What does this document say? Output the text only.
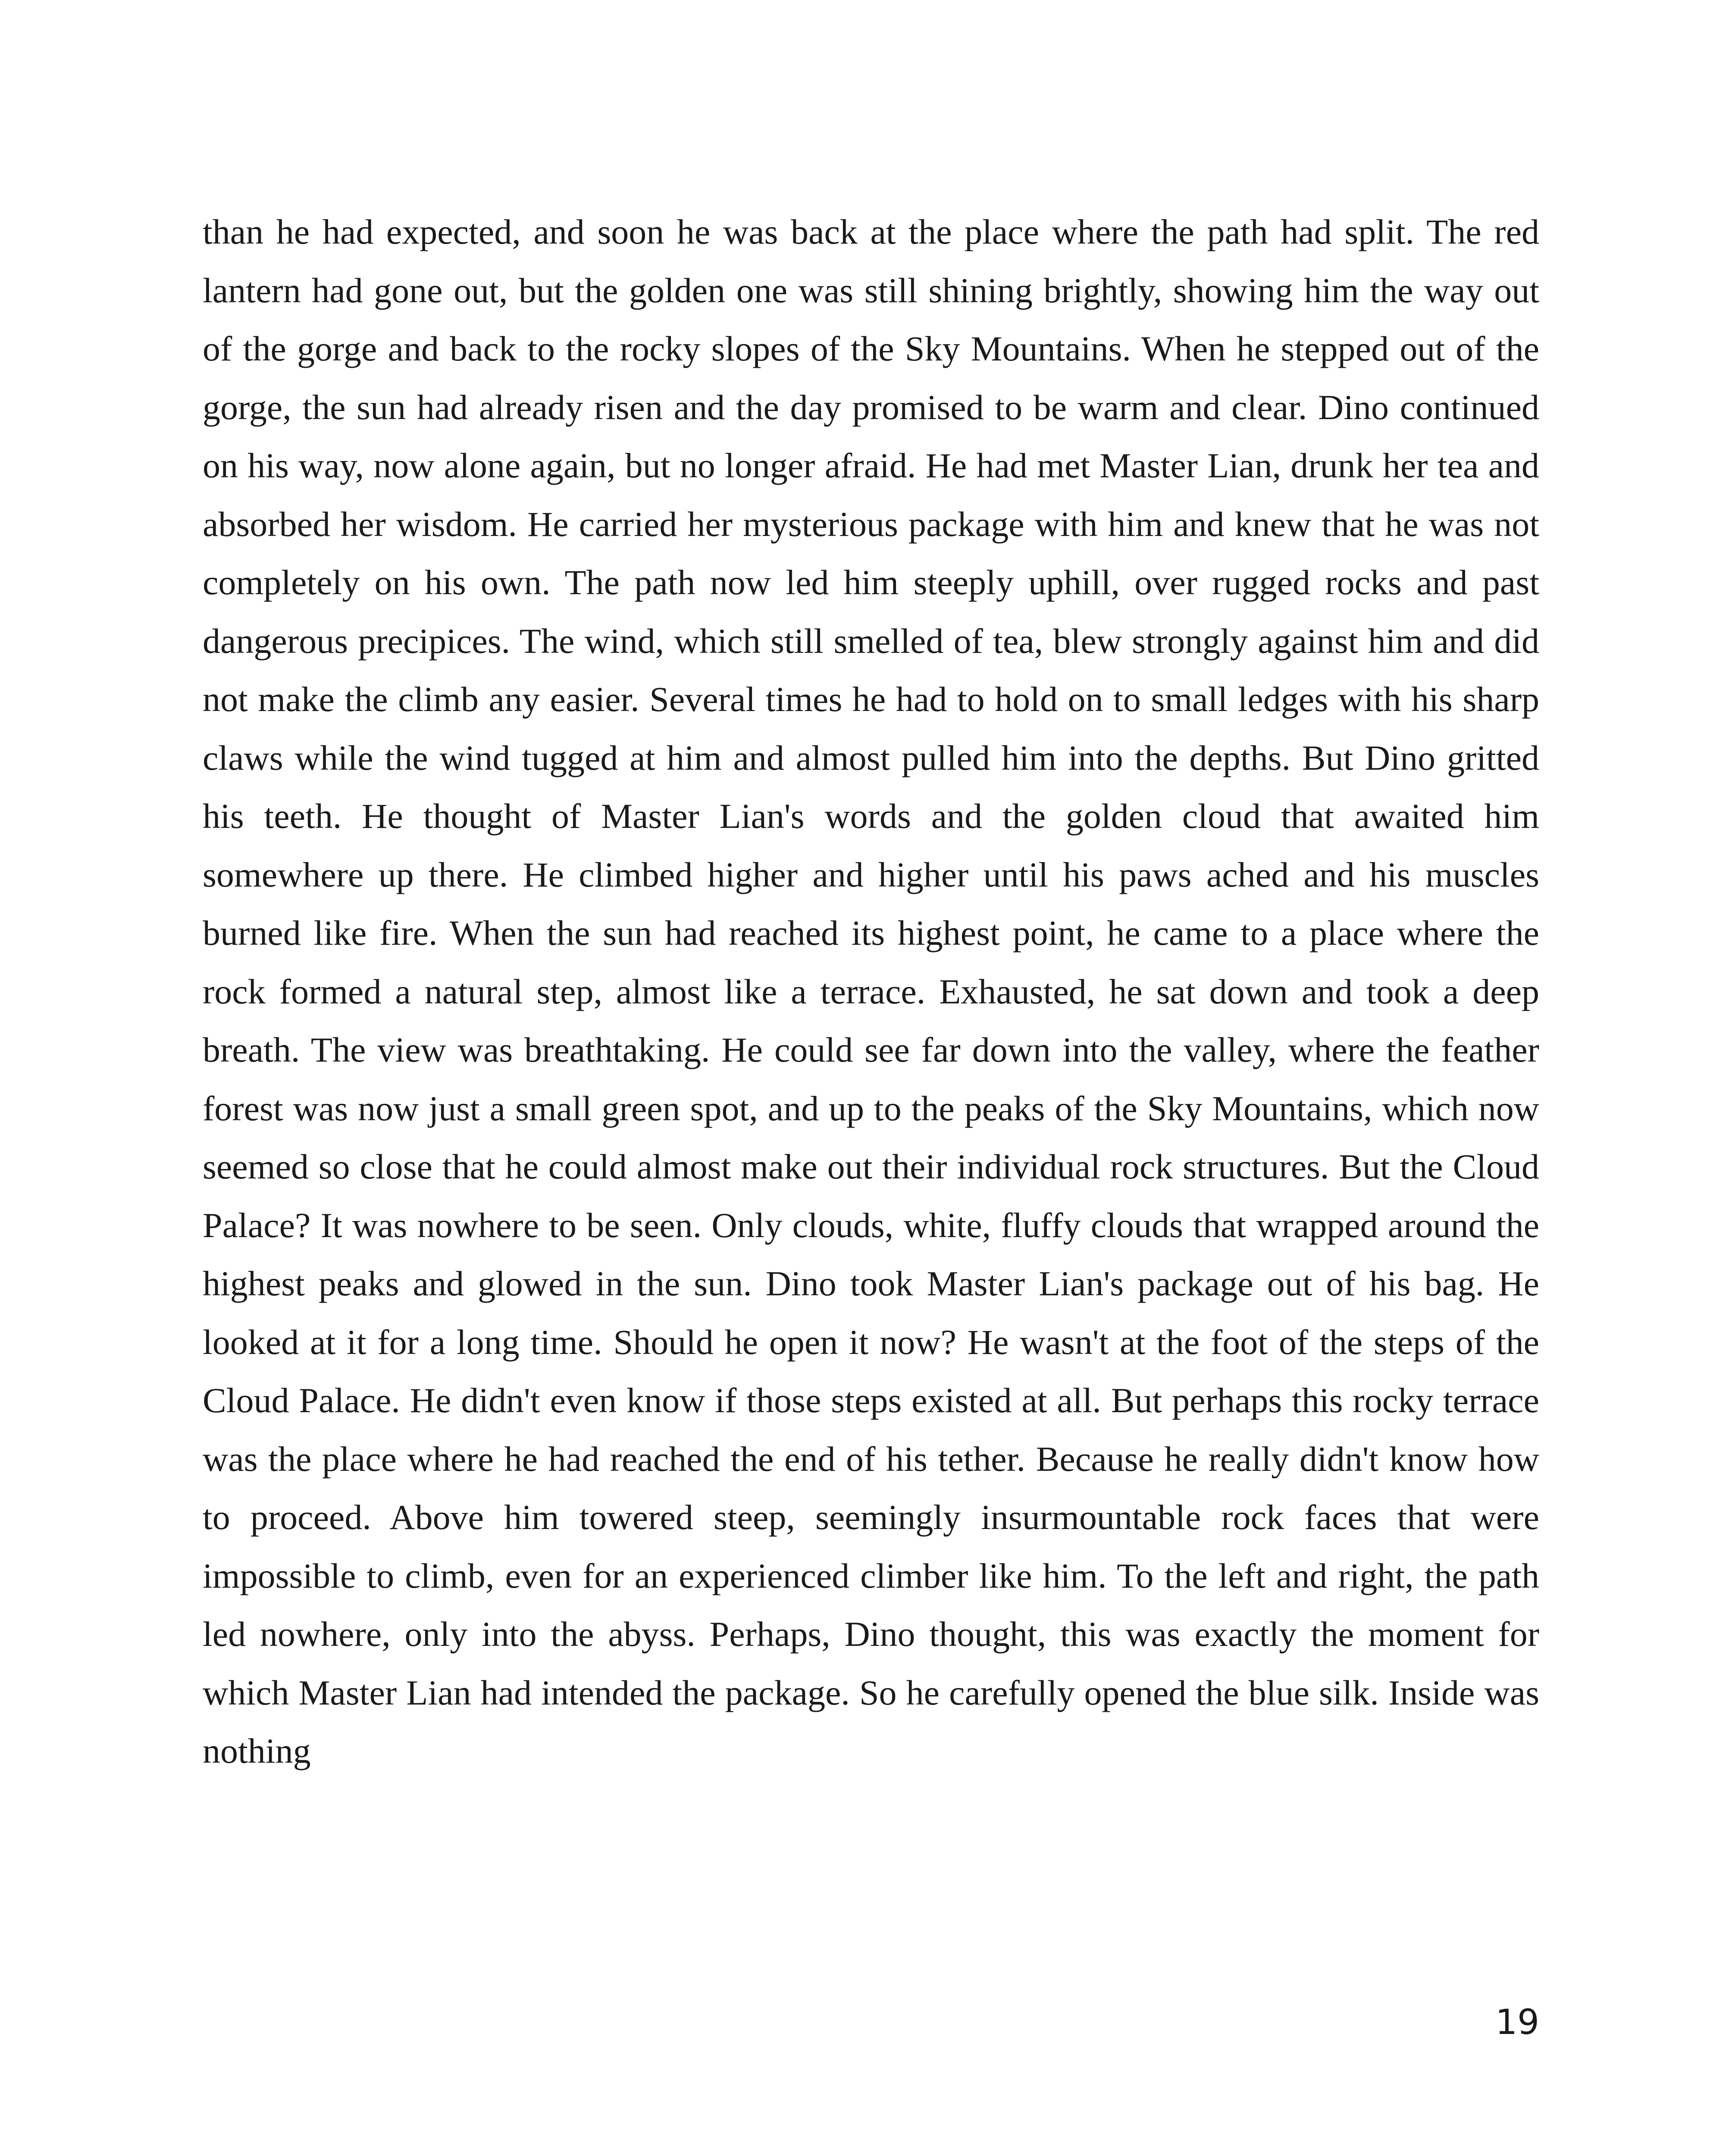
than he had expected, and soon he was back at the place where the path had split. The red lantern had gone out, but the golden one was still shining brightly, showing him the way out of the gorge and back to the rocky slopes of the Sky Mountains. When he stepped out of the gorge, the sun had already risen and the day promised to be warm and clear. Dino continued on his way, now alone again, but no longer afraid. He had met Master Lian, drunk her tea and absorbed her wisdom. He carried her mysterious package with him and knew that he was not completely on his own. The path now led him steeply uphill, over rugged rocks and past dangerous precipices. The wind, which still smelled of tea, blew strongly against him and did not make the climb any easier. Several times he had to hold on to small ledges with his sharp claws while the wind tugged at him and almost pulled him into the depths. But Dino gritted his teeth. He thought of Master Lian's words and the golden cloud that awaited him somewhere up there. He climbed higher and higher until his paws ached and his muscles burned like fire. When the sun had reached its highest point, he came to a place where the rock formed a natural step, almost like a terrace. Exhausted, he sat down and took a deep breath. The view was breathtaking. He could see far down into the valley, where the feather forest was now just a small green spot, and up to the peaks of the Sky Mountains, which now seemed so close that he could almost make out their individual rock structures. But the Cloud Palace? It was nowhere to be seen. Only clouds, white, fluffy clouds that wrapped around the highest peaks and glowed in the sun. Dino took Master Lian's package out of his bag. He looked at it for a long time. Should he open it now? He wasn't at the foot of the steps of the Cloud Palace. He didn't even know if those steps existed at all. But perhaps this rocky terrace was the place where he had reached the end of his tether. Because he really didn't know how to proceed. Above him towered steep, seemingly insurmountable rock faces that were impossible to climb, even for an experienced climber like him. To the left and right, the path led nowhere, only into the abyss. Perhaps, Dino thought, this was exactly the moment for which Master Lian had intended the package. So he carefully opened the blue silk. Inside was nothing

19
